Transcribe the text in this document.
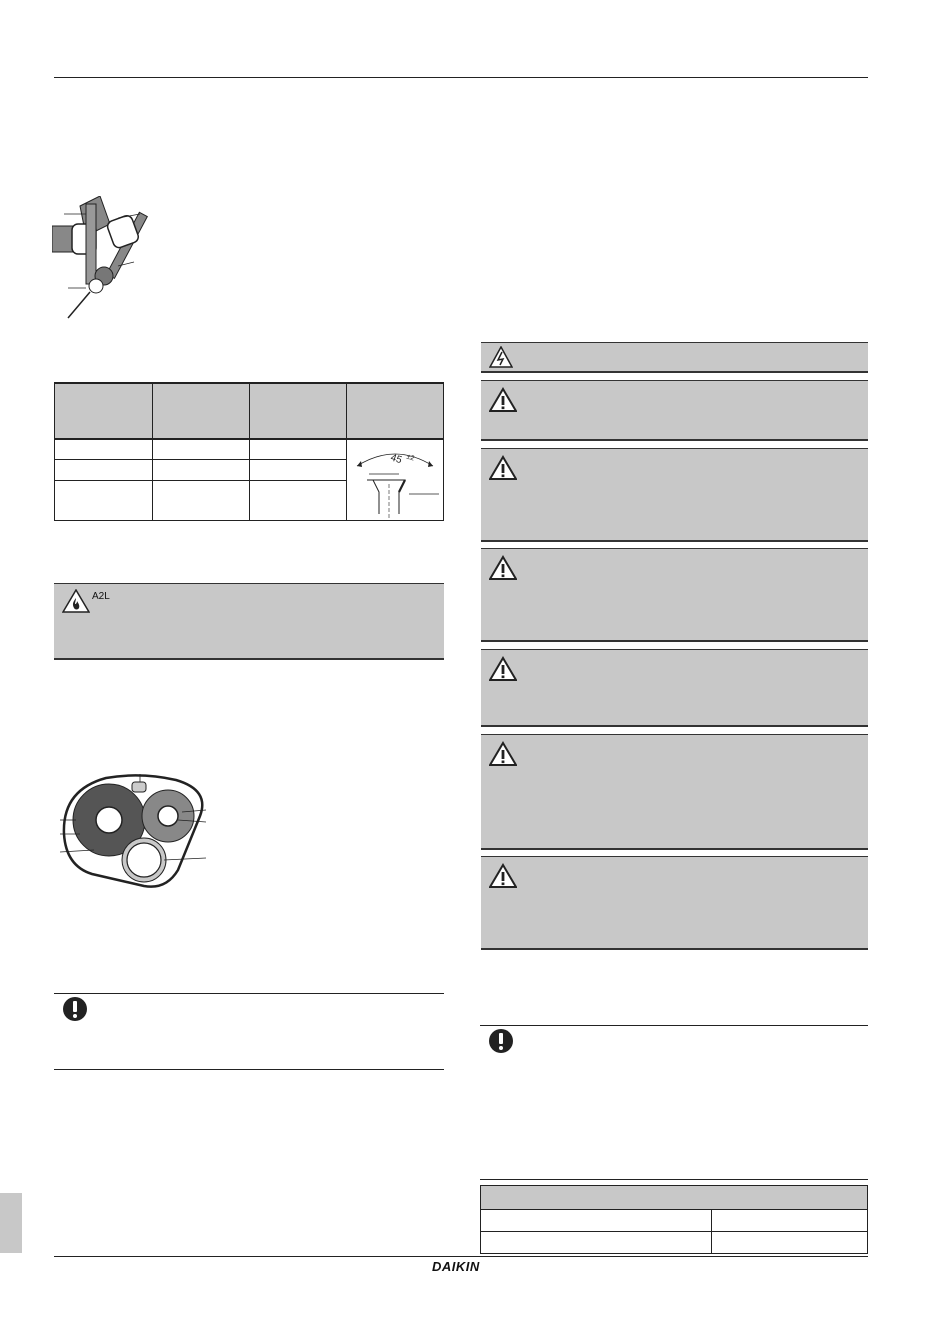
45 ±2

A2L

DAIKIN
